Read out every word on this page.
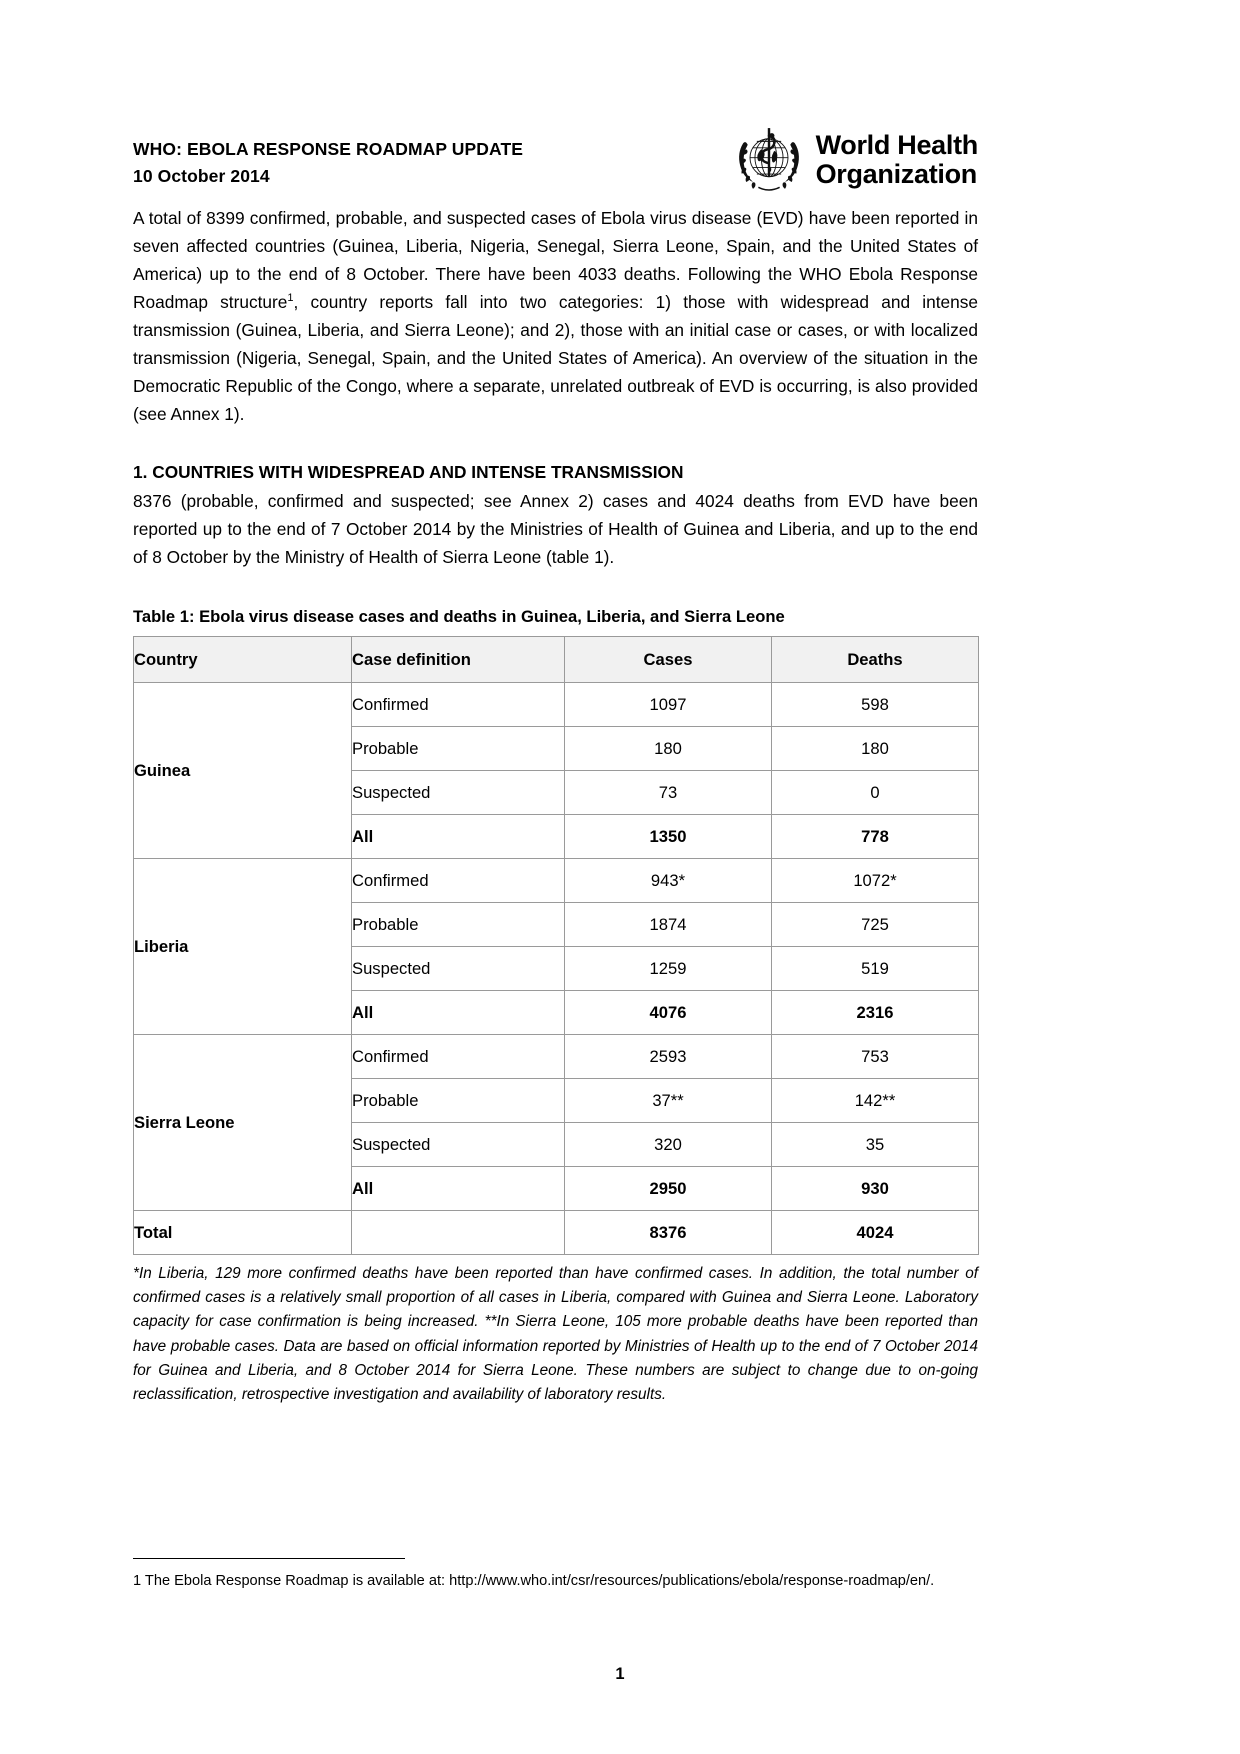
WHO: EBOLA RESPONSE ROADMAP UPDATE
10 October 2014
World Health
Organization

A total of 8399 confirmed, probable, and suspected cases of Ebola virus disease (EVD) have been reported in seven affected countries (Guinea, Liberia, Nigeria, Senegal, Sierra Leone, Spain, and the United States of America) up to the end of 8 October. There have been 4033 deaths. Following the WHO Ebola Response Roadmap structure$^1$, country reports fall into two categories: 1) those with widespread and intense transmission (Guinea, Liberia, and Sierra Leone); and 2), those with an initial case or cases, or with localized transmission (Nigeria, Senegal, Spain, and the United States of America). An overview of the situation in the Democratic Republic of the Congo, where a separate, unrelated outbreak of EVD is occurring, is also provided (see Annex 1).

1. COUNTRIES WITH WIDESPREAD AND INTENSE TRANSMISSION

8376 (probable, confirmed and suspected; see Annex 2) cases and 4024 deaths from EVD have been reported up to the end of 7 October 2014 by the Ministries of Health of Guinea and Liberia, and up to the end of 8 October by the Ministry of Health of Sierra Leone (table 1).

Table 1: Ebola virus disease cases and deaths in Guinea, Liberia, and Sierra Leone
Country	Case definition	Cases	Deaths
Guinea	Confirmed	1097	598
	Probable	180	180
	Suspected	73	0
	All	1350	778
Liberia	Confirmed	943*	1072*
	Probable	1874	725
	Suspected	1259	519
	All	4076	2316
Sierra Leone	Confirmed	2593	753
	Probable	37**	142**
	Suspected	320	35
	All	2950	930
Total		8376	4024
*In Liberia, 129 more confirmed deaths have been reported than have confirmed cases. In addition, the total number of confirmed cases is a relatively small proportion of all cases in Liberia, compared with Guinea and Sierra Leone. Laboratory capacity for case confirmation is being increased. **In Sierra Leone, 105 more probable deaths have been reported than have probable cases. Data are based on official information reported by Ministries of Health up to the end of 7 October 2014 for Guinea and Liberia, and 8 October 2014 for Sierra Leone. These numbers are subject to change due to on-going reclassification, retrospective investigation and availability of laboratory results.
1 The Ebola Response Roadmap is available at: http://www.who.int/csr/resources/publications/ebola/response-roadmap/en/.
1
